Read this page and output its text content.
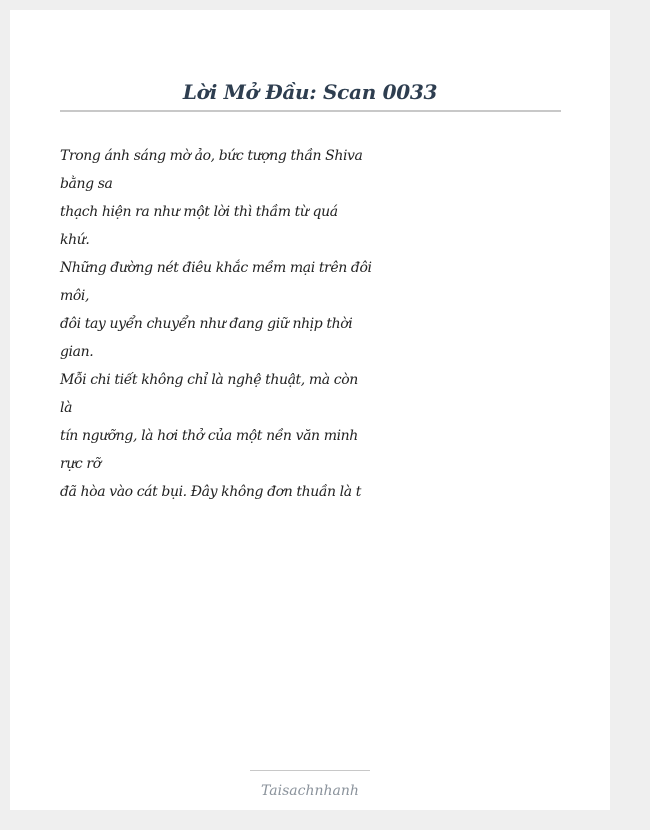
Lời Mở Đầu: Scan 0033
Trong ánh sáng mờ ảo, bức tượng thần Shiva
bằng sa
thạch hiện ra như một lời thì thầm từ quá
khứ.
Những đường nét điêu khắc mềm mại trên đôi
môi,
đôi tay uyển chuyển như đang giữ nhịp thời
gian.
Mỗi chi tiết không chỉ là nghệ thuật, mà còn
là
tín ngưỡng, là hơi thở của một nền văn minh
rực rỡ
đã hòa vào cát bụi. Đây không đơn thuần là t
Taisachnhanh
